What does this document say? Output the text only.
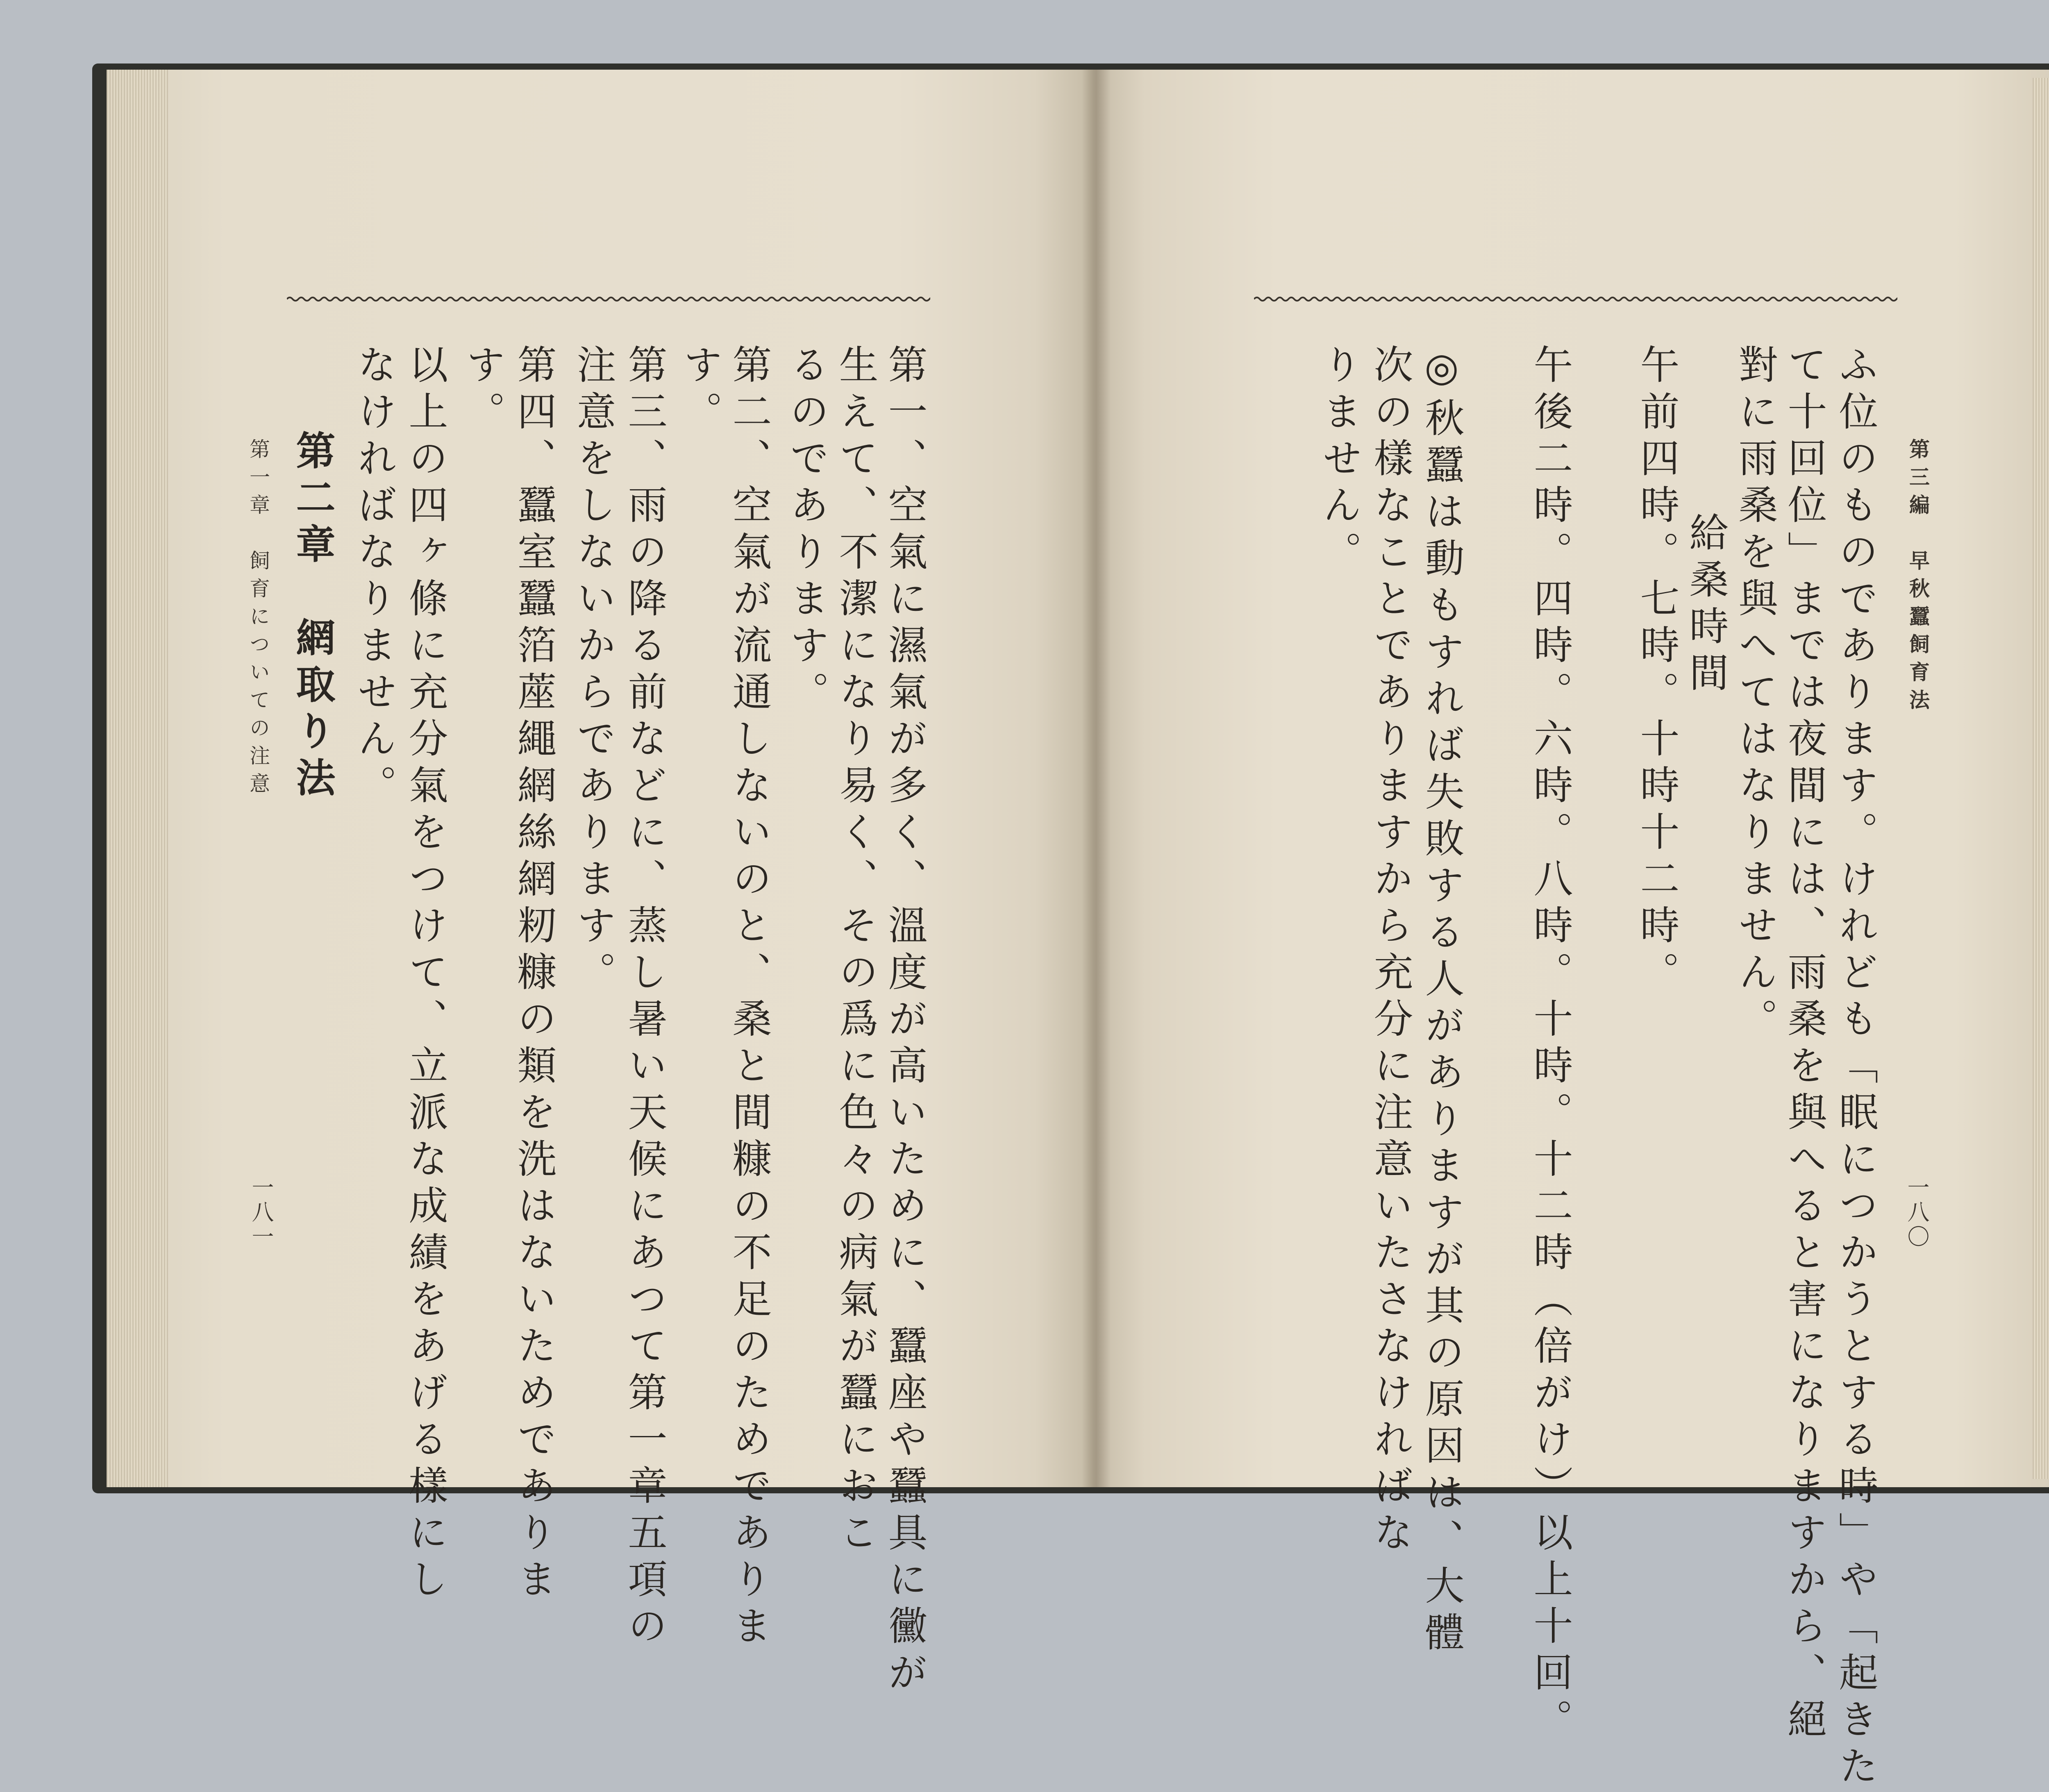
第一、空氣に濕氣が多く、溫度が高いために、蠶座や蠶具に黴が
生えて、不潔になり易く、その爲に色々の病氣が蠶におこ
るのであります。
第二、空氣が流通しないのと、桑と間糠の不足のためでありま
す。
第三、雨の降る前などに、蒸し暑い天候にあつて第一章五項の
注意をしないからであります。
第四、蠶室蠶箔蓙繩網絲網籾糠の類を洗はないためでありま
す。
以上の四ヶ條に充分氣をつけて、立派な成績をあげる樣にし
なければなりません。
第二章　網取り法
第一章　飼育についての注意
一八一
第三編　早秋蠶飼育法
一八〇
ふ位のものであります。けれども「眠につかうとする時」や「起きた
て十回位」までは夜間には、雨桑を與へると害になりますから、絕
對に雨桑を與へてはなりません。
給桑時間
午前四時。七時。十時十二時。
午後二時。四時。六時。八時。十時。十二時（倍がけ）以上十回。
◎秋蠶は動もすれば失敗する人がありますが其の原因は、大體
次の樣なことでありますから充分に注意いたさなければな
りません。
